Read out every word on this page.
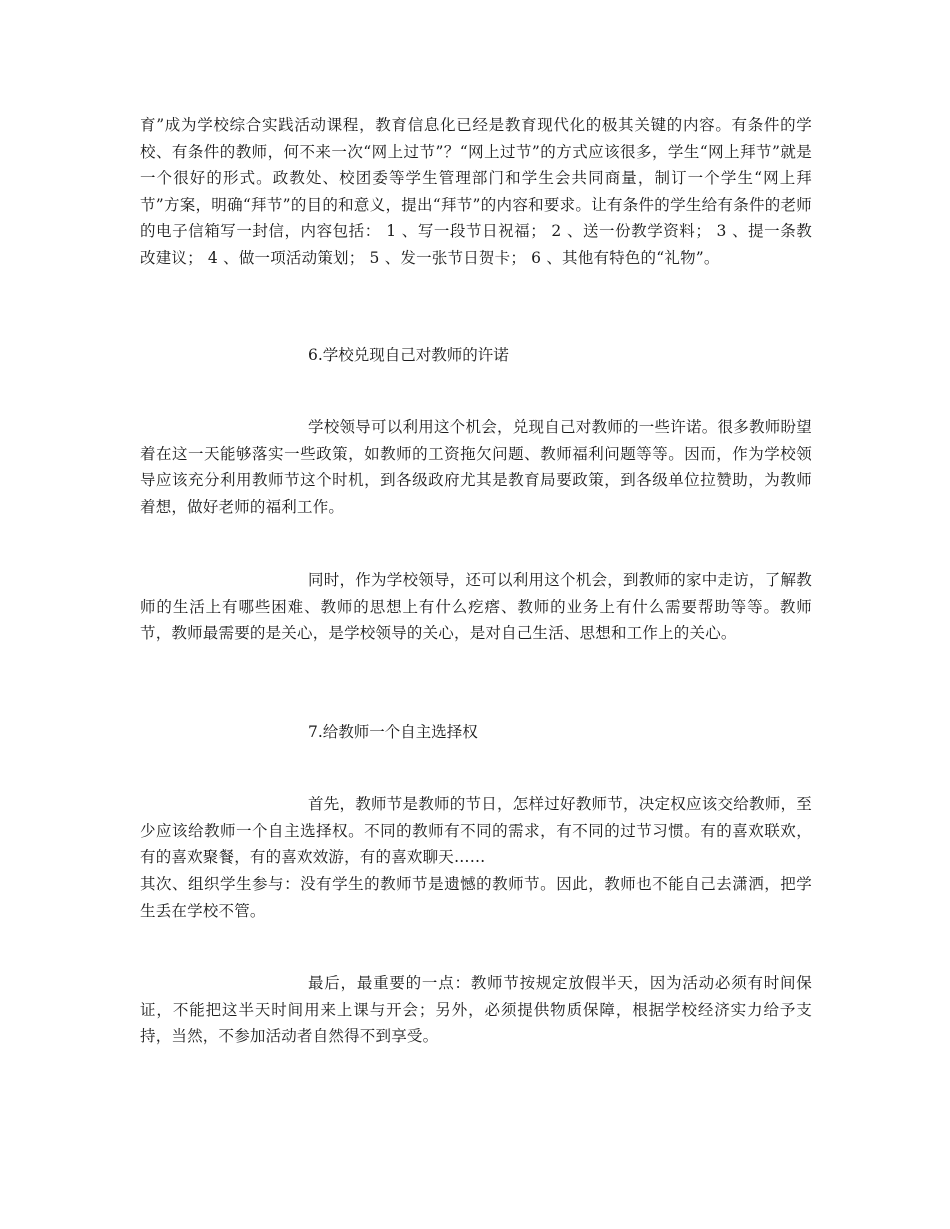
育”成为学校综合实践活动课程，教育信息化已经是教育现代化的极其关键的内容。有条件的学校、有条件的教师，何不来一次“网上过节”？“网上过节”的方式应该很多，学生“网上拜节”就是一个很好的形式。政教处、校团委等学生管理部门和学生会共同商量，制订一个学生“网上拜节”方案，明确“拜节”的目的和意义，提出“拜节”的内容和要求。让有条件的学生给有条件的老师的电子信箱写一封信，内容包括： 1 、写一段节日祝福； 2 、送一份教学资料； 3 、提一条教改建议； 4 、做一项活动策划； 5 、发一张节日贺卡； 6 、其他有特色的“礼物”。

6.学校兑现自己对教师的许诺

学校领导可以利用这个机会，兑现自己对教师的一些许诺。很多教师盼望着在这一天能够落实一些政策，如教师的工资拖欠问题、教师福利问题等等。因而，作为学校领导应该充分利用教师节这个时机，到各级政府尤其是教育局要政策，到各级单位拉赞助，为教师着想，做好老师的福利工作。

同时，作为学校领导，还可以利用这个机会，到教师的家中走访，了解教师的生活上有哪些困难、教师的思想上有什么疙瘩、教师的业务上有什么需要帮助等等。教师节，教师最需要的是关心，是学校领导的关心，是对自己生活、思想和工作上的关心。

7.给教师一个自主选择权

首先，教师节是教师的节日，怎样过好教师节，决定权应该交给教师，至少应该给教师一个自主选择权。不同的教师有不同的需求，有不同的过节习惯。有的喜欢联欢，有的喜欢聚餐，有的喜欢效游，有的喜欢聊天……

其次、组织学生参与：没有学生的教师节是遗憾的教师节。因此，教师也不能自己去潇洒，把学生丢在学校不管。

最后，最重要的一点：教师节按规定放假半天，因为活动必须有时间保证，不能把这半天时间用来上课与开会；另外，必须提供物质保障，根据学校经济实力给予支持，当然，不参加活动者自然得不到享受。
